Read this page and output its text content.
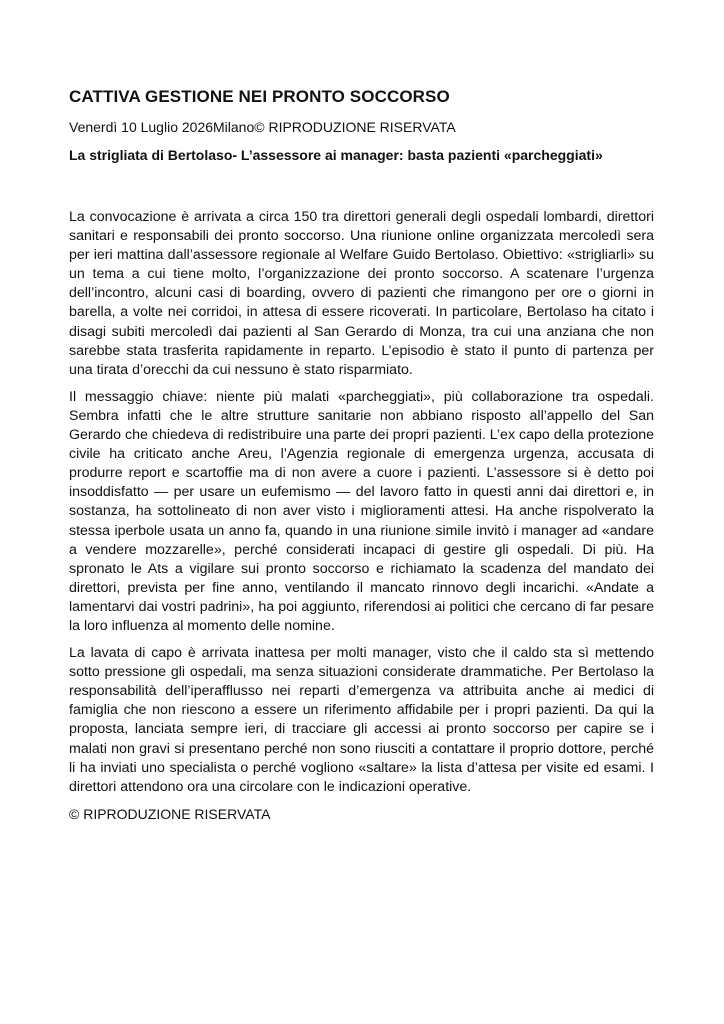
CATTIVA GESTIONE NEI PRONTO SOCCORSO
Venerdì 10 Luglio 2026Milano© RIPRODUZIONE RISERVATA
La strigliata di Bertolaso- L’assessore ai manager: basta pazienti «parcheggiati»

La convocazione è arrivata a circa 150 tra direttori generali degli ospedali lombardi, direttori sanitari e responsabili dei pronto soccorso. Una riunione online organizzata mercoledì sera per ieri mattina dall’assessore regionale al Welfare Guido Bertolaso. Obiettivo: «strigliarli» su un tema a cui tiene molto, l’organizzazione dei pronto soccorso. A scatenare l’urgenza dell’incontro, alcuni casi di boarding, ovvero di pazienti che rimangono per ore o giorni in barella, a volte nei corridoi, in attesa di essere ricoverati. In particolare, Bertolaso ha citato i disagi subiti mercoledì dai pazienti al San Gerardo di Monza, tra cui una anziana che non sarebbe stata trasferita rapidamente in reparto. L’episodio è stato il punto di partenza per una tirata d’orecchi da cui nessuno è stato risparmiato.

Il messaggio chiave: niente più malati «parcheggiati», più collaborazione tra ospedali. Sembra infatti che le altre strutture sanitarie non abbiano risposto all’appello del San Gerardo che chiedeva di redistribuire una parte dei propri pazienti. L’ex capo della protezione civile ha criticato anche Areu, l’Agenzia regionale di emergenza urgenza, accusata di produrre report e scartoffie ma di non avere a cuore i pazienti. L’assessore si è detto poi insoddisfatto — per usare un eufemismo — del lavoro fatto in questi anni dai direttori e, in sostanza, ha sottolineato di non aver visto i miglioramenti attesi. Ha anche rispolverato la stessa iperbole usata un anno fa, quando in una riunione simile invitò i manager ad «andare a vendere mozzarelle», perché considerati incapaci di gestire gli ospedali. Di più. Ha spronato le Ats a vigilare sui pronto soccorso e richiamato la scadenza del mandato dei direttori, prevista per fine anno, ventilando il mancato rinnovo degli incarichi. «Andate a lamentarvi dai vostri padrini», ha poi aggiunto, riferendosi ai politici che cercano di far pesare la loro influenza al momento delle nomine.

La lavata di capo è arrivata inattesa per molti manager, visto che il caldo sta sì mettendo sotto pressione gli ospedali, ma senza situazioni considerate drammatiche. Per Bertolaso la responsabilità dell’iperafflusso nei reparti d’emergenza va attribuita anche ai medici di famiglia che non riescono a essere un riferimento affidabile per i propri pazienti. Da qui la proposta, lanciata sempre ieri, di tracciare gli accessi ai pronto soccorso per capire se i malati non gravi si presentano perché non sono riusciti a contattare il proprio dottore, perché li ha inviati uno specialista o perché vogliono «saltare» la lista d’attesa per visite ed esami. I direttori attendono ora una circolare con le indicazioni operative.

© RIPRODUZIONE RISERVATA
